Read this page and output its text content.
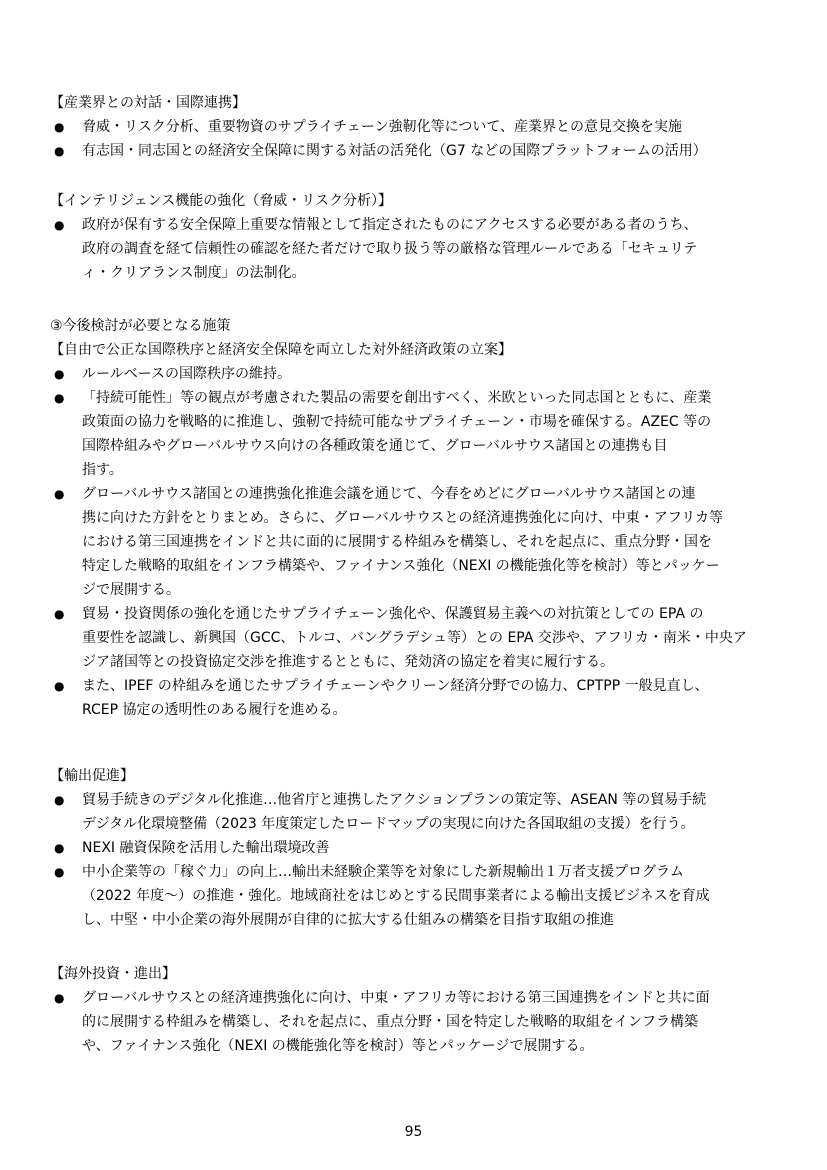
【産業界との対話・国際連携】
● 脅威・リスク分析、重要物資のサプライチェーン強靭化等について、産業界との意見交換を実施
● 有志国・同志国との経済安全保障に関する対話の活発化（G7 などの国際プラットフォームの活用）
【インテリジェンス機能の強化（脅威・リスク分析）】
● 政府が保有する安全保障上重要な情報として指定されたものにアクセスする必要がある者のうち、
政府の調査を経て信頼性の確認を経た者だけで取り扱う等の厳格な管理ルールである「セキュリテ
ィ・クリアランス制度」の法制化。
③今後検討が必要となる施策
【自由で公正な国際秩序と経済安全保障を両立した対外経済政策の立案】
● ルールベースの国際秩序の維持。
● 「持続可能性」等の観点が考慮された製品の需要を創出すべく、米欧といった同志国とともに、産業
政策面の協力を戦略的に推進し、強靭で持続可能なサプライチェーン・市場を確保する。AZEC 等の
国際枠組みやグローバルサウス向けの各種政策を通じて、グローバルサウス諸国との連携も目
指す。
● グローバルサウス諸国との連携強化推進会議を通じて、今春をめどにグローバルサウス諸国との連
携に向けた方針をとりまとめ。さらに、グローバルサウスとの経済連携強化に向け、中東・アフリカ等
における第三国連携をインドと共に面的に展開する枠組みを構築し、それを起点に、重点分野・国を
特定した戦略的取組をインフラ構築や、ファイナンス強化（NEXI の機能強化等を検討）等とパッケー
ジで展開する。
● 貿易・投資関係の強化を通じたサプライチェーン強化や、保護貿易主義への対抗策としての EPA の
重要性を認識し、新興国（GCC、トルコ、バングラデシュ等）との EPA 交渉や、アフリカ・南米・中央ア
ジア諸国等との投資協定交渉を推進するとともに、発効済の協定を着実に履行する。
● また、IPEF の枠組みを通じたサプライチェーンやクリーン経済分野での協力、CPTPP 一般見直し、
RCEP 協定の透明性のある履行を進める。
【輸出促進】
● 貿易手続きのデジタル化推進…他省庁と連携したアクションプランの策定等、ASEAN 等の貿易手続
デジタル化環境整備（2023 年度策定したロードマップの実現に向けた各国取組の支援）を行う。
● NEXI 融資保険を活用した輸出環境改善
● 中小企業等の「稼ぐ力」の向上…輸出未経験企業等を対象にした新規輸出１万者支援プログラム
（2022 年度～）の推進・強化。地域商社をはじめとする民間事業者による輸出支援ビジネスを育成
し、中堅・中小企業の海外展開が自律的に拡大する仕組みの構築を目指す取組の推進
【海外投資・進出】
● グローバルサウスとの経済連携強化に向け、中東・アフリカ等における第三国連携をインドと共に面
的に展開する枠組みを構築し、それを起点に、重点分野・国を特定した戦略的取組をインフラ構築
や、ファイナンス強化（NEXI の機能強化等を検討）等とパッケージで展開する。
95
